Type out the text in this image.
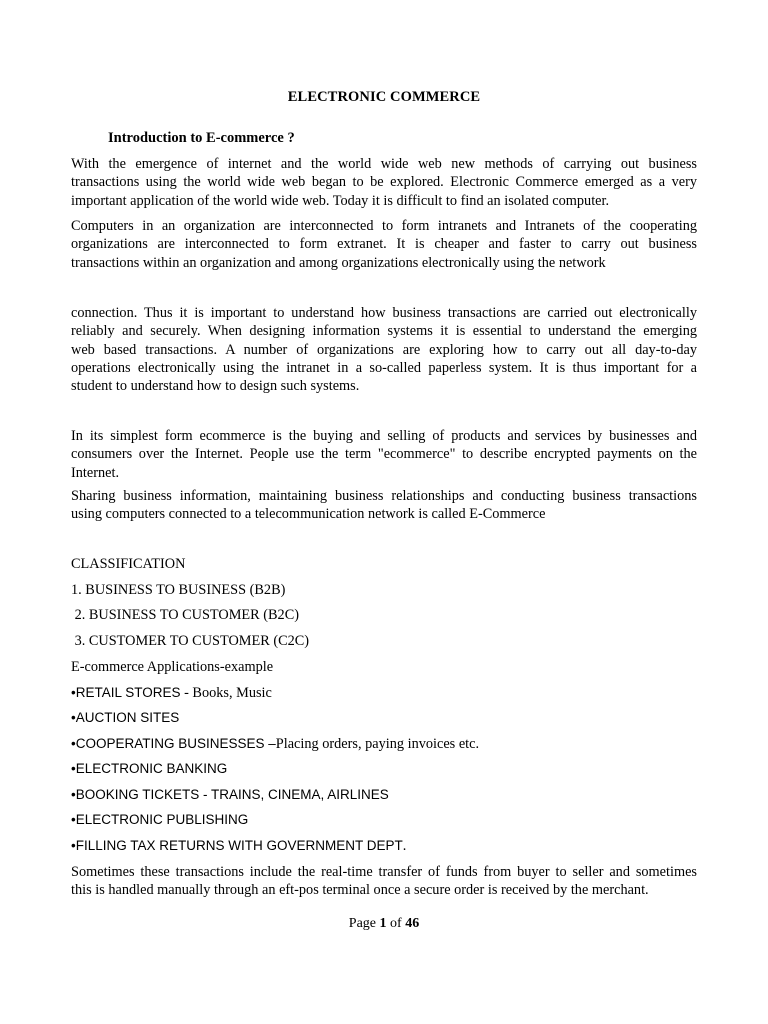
ELECTRONIC COMMERCE
Introduction to E-commerce ?
With the emergence of internet and the world wide web new methods of carrying out business
transactions using the world wide web began to be explored. Electronic Commerce emerged as a very
important application of the world wide web. Today it is difficult to find an isolated computer.
Computers in an organization are interconnected to form intranets and Intranets of the cooperating
organizations are interconnected to form extranet. It is cheaper and faster to carry out business
transactions within an organization and among organizations electronically using the network
connection. Thus it is important to understand how business transactions are carried out electronically
reliably and securely. When designing information systems it is essential to understand the emerging
web based transactions. A number of organizations are exploring how to carry out all day-to-day
operations electronically using the intranet in a so-called paperless system. It is thus important for a
student to understand how to design such systems.
In its simplest form ecommerce is the buying and selling of products and services by businesses and
consumers over the Internet. People use the term "ecommerce" to describe encrypted payments on the
Internet.
Sharing business information, maintaining business relationships and conducting business transactions
using computers connected to a telecommunication network is called E-Commerce
CLASSIFICATION
1. BUSINESS TO BUSINESS (B2B)
2. BUSINESS TO CUSTOMER (B2C)
3. CUSTOMER TO CUSTOMER (C2C)
E-commerce Applications-example
•RETAIL STORES - Books, Music
•AUCTION SITES
•COOPERATING BUSINESSES –Placing orders, paying invoices etc.
•ELECTRONIC BANKING
•BOOKING TICKETS - TRAINS, CINEMA, AIRLINES
•ELECTRONIC PUBLISHING
•FILLING TAX RETURNS WITH GOVERNMENT DEPT.
Sometimes these transactions include the real-time transfer of funds from buyer to seller and sometimes
this is handled manually through an eft-pos terminal once a secure order is received by the merchant.
Page 1 of 46
